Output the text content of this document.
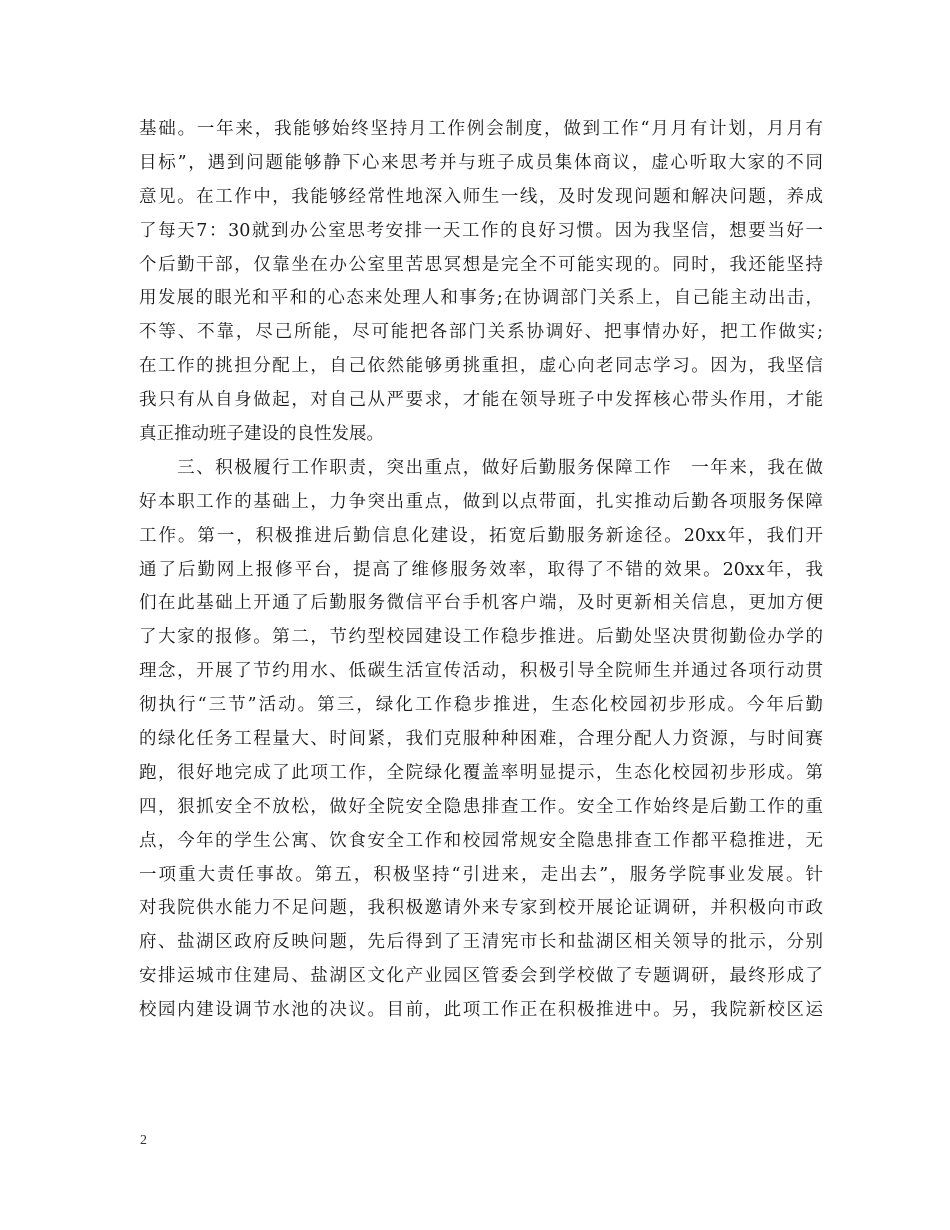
基础。一年来，我能够始终坚持月工作例会制度，做到工作“月月有计划，月月有
目标”，遇到问题能够静下心来思考并与班子成员集体商议，虚心听取大家的不同
意见。在工作中，我能够经常性地深入师生一线，及时发现问题和解决问题，养成
了每天7：30就到办公室思考安排一天工作的良好习惯。因为我坚信，想要当好一
个后勤干部，仅靠坐在办公室里苦思冥想是完全不可能实现的。同时，我还能坚持
用发展的眼光和平和的心态来处理人和事务;在协调部门关系上，自己能主动出击，
不等、不靠，尽己所能，尽可能把各部门关系协调好、把事情办好，把工作做实;
在工作的挑担分配上，自己依然能够勇挑重担，虚心向老同志学习。因为，我坚信
我只有从自身做起，对自己从严要求，才能在领导班子中发挥核心带头作用，才能
真正推动班子建设的良性发展。
　　三、积极履行工作职责，突出重点，做好后勤服务保障工作　一年来，我在做
好本职工作的基础上，力争突出重点，做到以点带面，扎实推动后勤各项服务保障
工作。第一，积极推进后勤信息化建设，拓宽后勤服务新途径。20xx年，我们开
通了后勤网上报修平台，提高了维修服务效率，取得了不错的效果。20xx年，我
们在此基础上开通了后勤服务微信平台手机客户端，及时更新相关信息，更加方便
了大家的报修。第二，节约型校园建设工作稳步推进。后勤处坚决贯彻勤俭办学的
理念，开展了节约用水、低碳生活宣传活动，积极引导全院师生并通过各项行动贯
彻执行“三节”活动。第三，绿化工作稳步推进，生态化校园初步形成。今年后勤
的绿化任务工程量大、时间紧，我们克服种种困难，合理分配人力资源，与时间赛
跑，很好地完成了此项工作，全院绿化覆盖率明显提示，生态化校园初步形成。第
四，狠抓安全不放松，做好全院安全隐患排查工作。安全工作始终是后勤工作的重
点，今年的学生公寓、饮食安全工作和校园常规安全隐患排查工作都平稳推进，无
一项重大责任事故。第五，积极坚持“引进来，走出去”，服务学院事业发展。针
对我院供水能力不足问题，我积极邀请外来专家到校开展论证调研，并积极向市政
府、盐湖区政府反映问题，先后得到了王清宪市长和盐湖区相关领导的批示，分别
安排运城市住建局、盐湖区文化产业园区管委会到学校做了专题调研，最终形成了
校园内建设调节水池的决议。目前，此项工作正在积极推进中。另，我院新校区运
2
